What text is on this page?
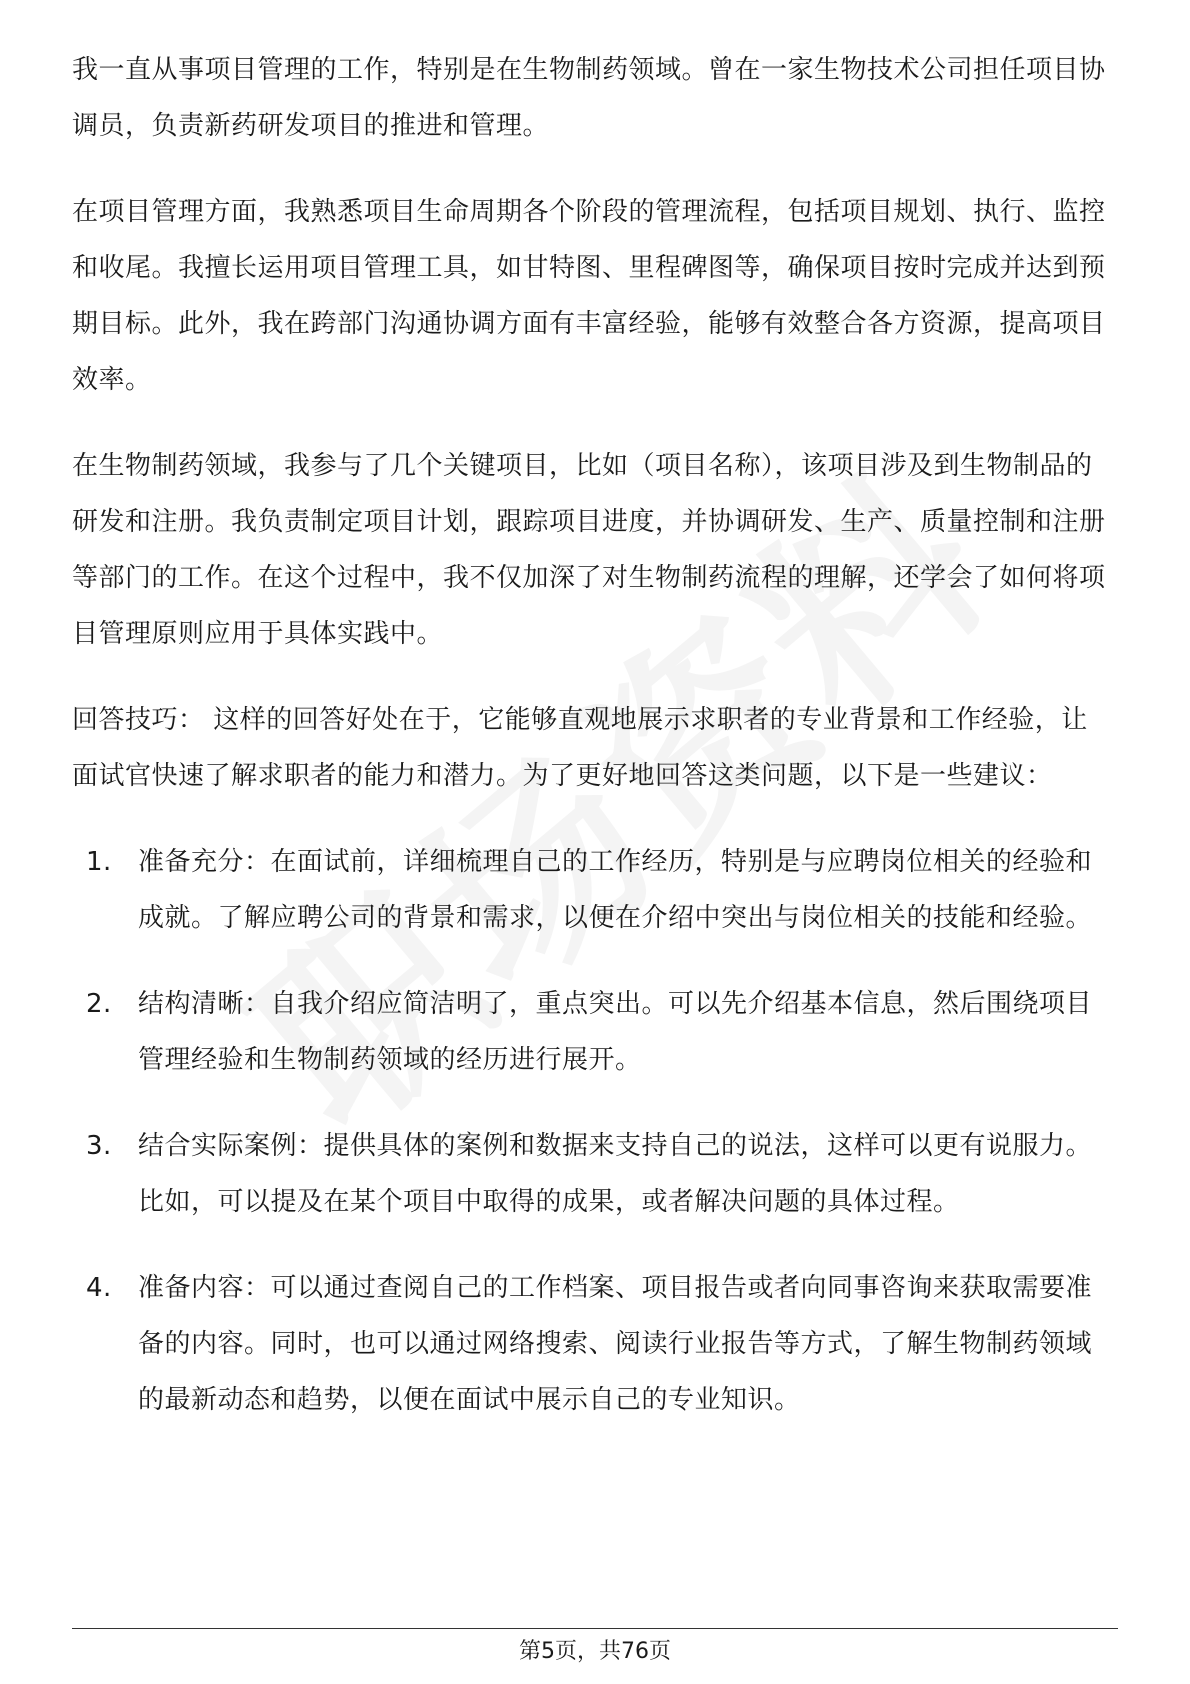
我一直从事项目管理的工作，特别是在生物制药领域。曾在一家生物技术公司担任项目协调员，负责新药研发项目的推进和管理。

在项目管理方面，我熟悉项目生命周期各个阶段的管理流程，包括项目规划、执行、监控和收尾。我擅长运用项目管理工具，如甘特图、里程碑图等，确保项目按时完成并达到预期目标。此外，我在跨部门沟通协调方面有丰富经验，能够有效整合各方资源，提高项目效率。

在生物制药领域，我参与了几个关键项目，比如（项目名称），该项目涉及到生物制品的研发和注册。我负责制定项目计划，跟踪项目进度，并协调研发、生产、质量控制和注册等部门的工作。在这个过程中，我不仅加深了对生物制药流程的理解，还学会了如何将项目管理原则应用于具体实践中。

回答技巧： 这样的回答好处在于，它能够直观地展示求职者的专业背景和工作经验，让面试官快速了解求职者的能力和潜力。为了更好地回答这类问题，以下是一些建议：

1. 准备充分：在面试前，详细梳理自己的工作经历，特别是与应聘岗位相关的经验和成就。了解应聘公司的背景和需求，以便在介绍中突出与岗位相关的技能和经验。
2. 结构清晰：自我介绍应简洁明了，重点突出。可以先介绍基本信息，然后围绕项目管理经验和生物制药领域的经历进行展开。
3. 结合实际案例：提供具体的案例和数据来支持自己的说法，这样可以更有说服力。比如，可以提及在某个项目中取得的成果，或者解决问题的具体过程。
4. 准备内容：可以通过查阅自己的工作档案、项目报告或者向同事咨询来获取需要准备的内容。同时，也可以通过网络搜索、阅读行业报告等方式，了解生物制药领域的最新动态和趋势，以便在面试中展示自己的专业知识。
第5页，共76页
